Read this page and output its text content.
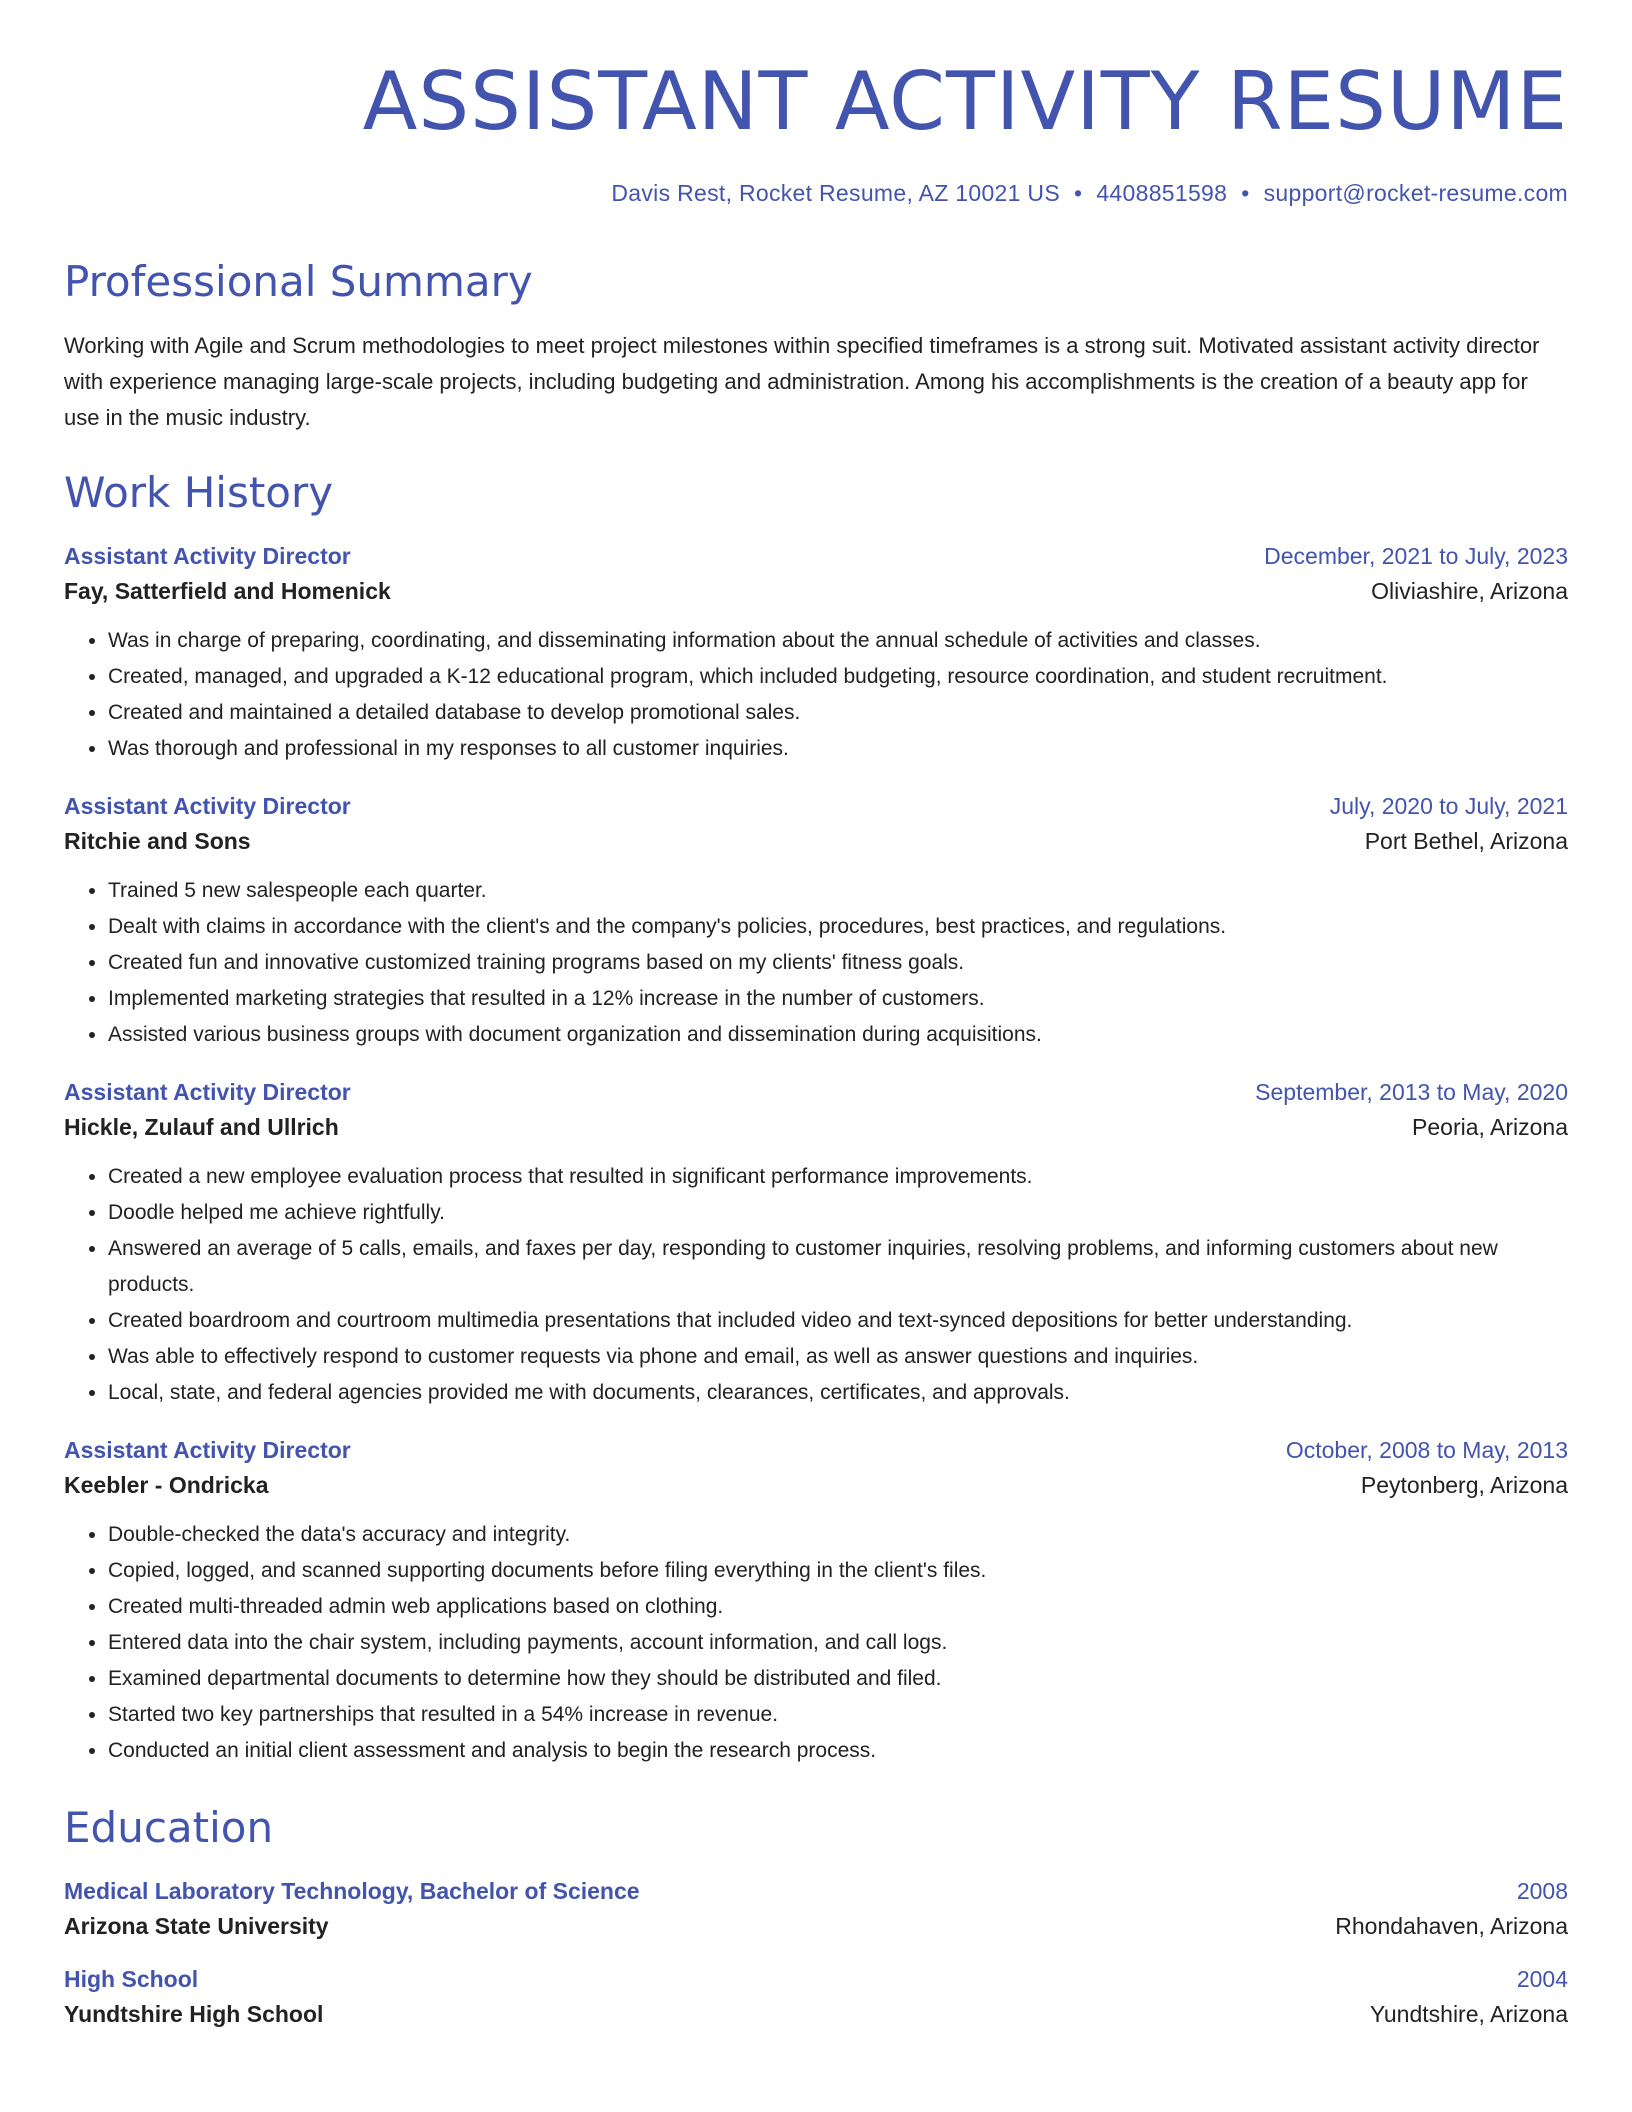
ASSISTANT ACTIVITY RESUME
Davis Rest, Rocket Resume, AZ 10021 US • 4408851598 • support@rocket-resume.com
Professional Summary
Working with Agile and Scrum methodologies to meet project milestones within specified timeframes is a strong suit. Motivated assistant activity director with experience managing large-scale projects, including budgeting and administration. Among his accomplishments is the creation of a beauty app for use in the music industry.
Work History
Assistant Activity Director	December, 2021 to July, 2023
Fay, Satterfield and Homenick	Oliviashire, Arizona
• Was in charge of preparing, coordinating, and disseminating information about the annual schedule of activities and classes.
• Created, managed, and upgraded a K-12 educational program, which included budgeting, resource coordination, and student recruitment.
• Created and maintained a detailed database to develop promotional sales.
• Was thorough and professional in my responses to all customer inquiries.
Assistant Activity Director	July, 2020 to July, 2021
Ritchie and Sons	Port Bethel, Arizona
• Trained 5 new salespeople each quarter.
• Dealt with claims in accordance with the client's and the company's policies, procedures, best practices, and regulations.
• Created fun and innovative customized training programs based on my clients' fitness goals.
• Implemented marketing strategies that resulted in a 12% increase in the number of customers.
• Assisted various business groups with document organization and dissemination during acquisitions.
Assistant Activity Director	September, 2013 to May, 2020
Hickle, Zulauf and Ullrich	Peoria, Arizona
• Created a new employee evaluation process that resulted in significant performance improvements.
• Doodle helped me achieve rightfully.
• Answered an average of 5 calls, emails, and faxes per day, responding to customer inquiries, resolving problems, and informing customers about new products.
• Created boardroom and courtroom multimedia presentations that included video and text-synced depositions for better understanding.
• Was able to effectively respond to customer requests via phone and email, as well as answer questions and inquiries.
• Local, state, and federal agencies provided me with documents, clearances, certificates, and approvals.
Assistant Activity Director	October, 2008 to May, 2013
Keebler - Ondricka	Peytonberg, Arizona
• Double-checked the data's accuracy and integrity.
• Copied, logged, and scanned supporting documents before filing everything in the client's files.
• Created multi-threaded admin web applications based on clothing.
• Entered data into the chair system, including payments, account information, and call logs.
• Examined departmental documents to determine how they should be distributed and filed.
• Started two key partnerships that resulted in a 54% increase in revenue.
• Conducted an initial client assessment and analysis to begin the research process.
Education
Medical Laboratory Technology, Bachelor of Science	2008
Arizona State University	Rhondahaven, Arizona
High School	2004
Yundtshire High School	Yundtshire, Arizona
